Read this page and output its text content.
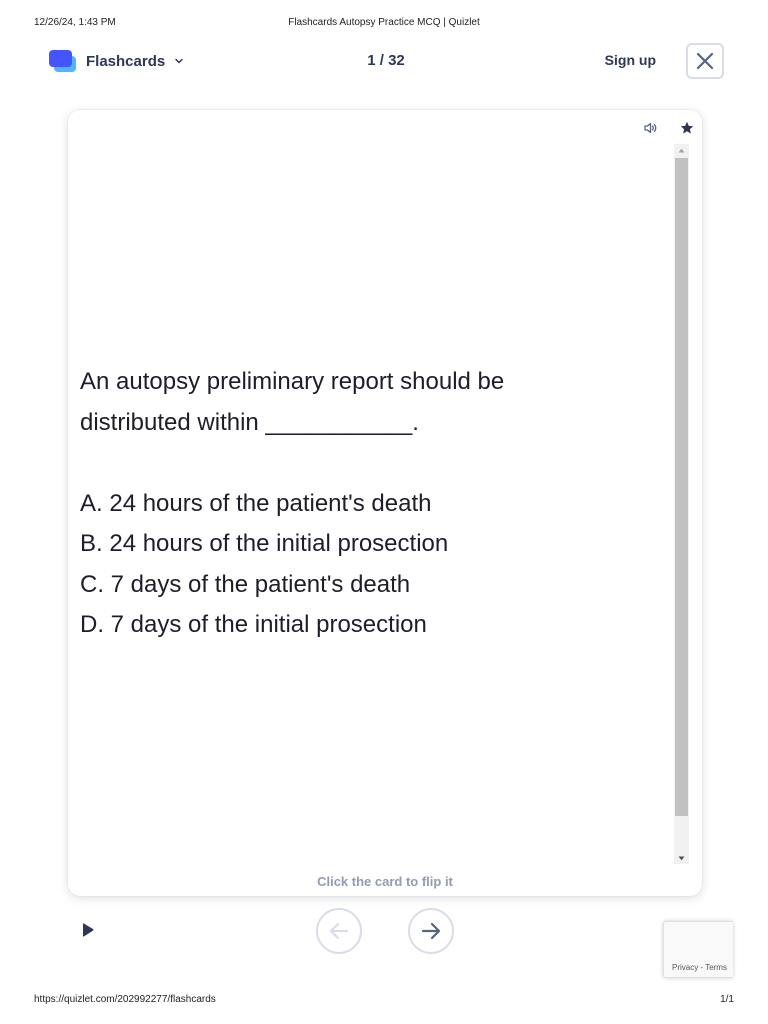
12/26/24, 1:43 PM	Flashcards Autopsy Practice MCQ | Quizlet
Flashcards	1 / 32	Sign up
An autopsy preliminary report should be
distributed within ___________.
A. 24 hours of the patient's death
B. 24 hours of the initial prosection
C. 7 days of the patient's death
D. 7 days of the initial prosection
Click the card to flip it
Privacy - Terms
https://quizlet.com/202992277/flashcards	1/1
